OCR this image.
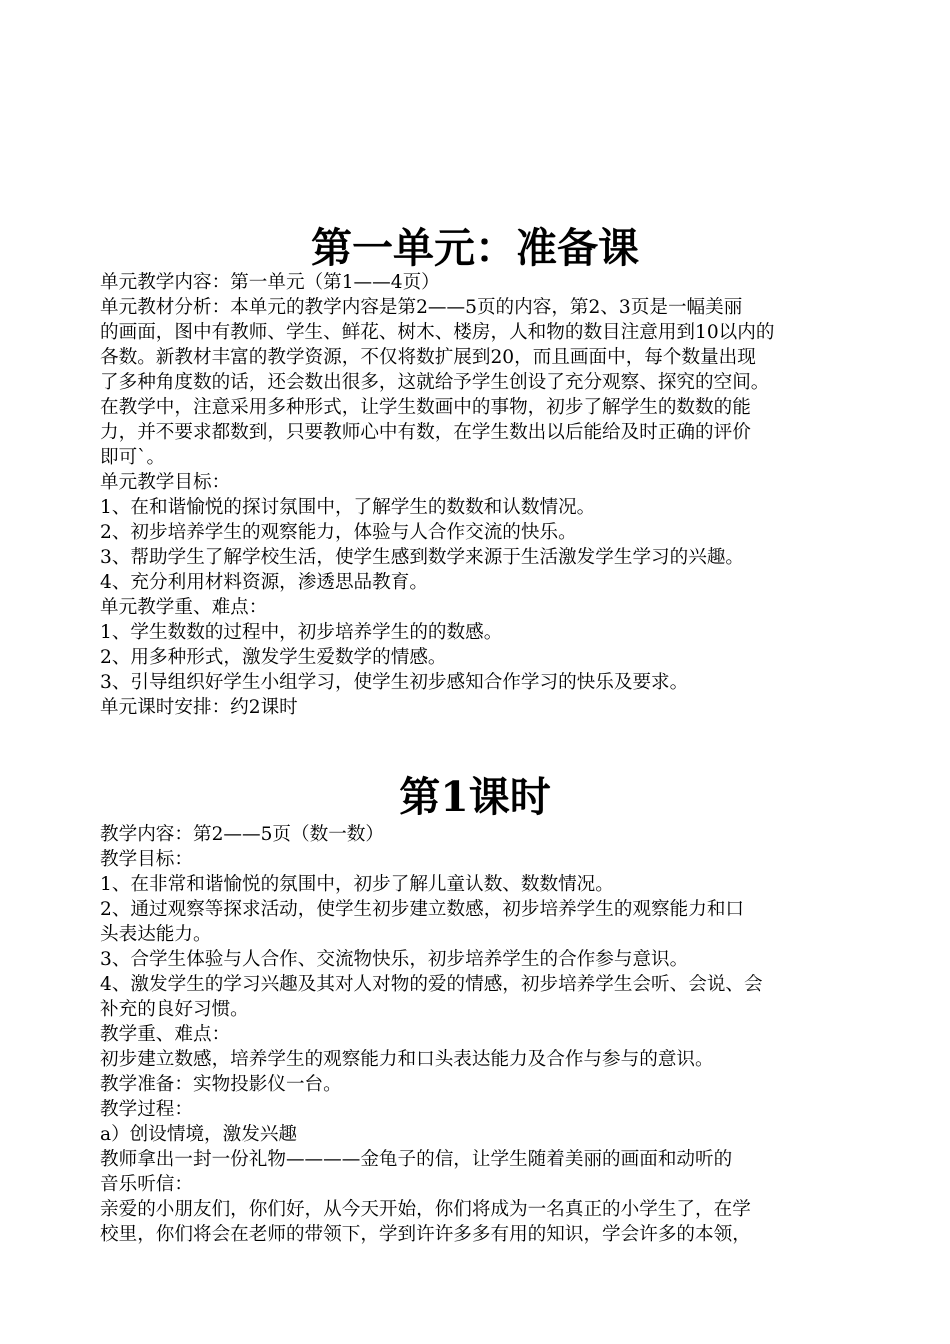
第一单元：准备课
单元教学内容：第一单元（第1——4页）
单元教材分析：本单元的教学内容是第2——5页的内容，第2、3页是一幅美丽
的画面，图中有教师、学生、鲜花、树木、楼房，人和物的数目注意用到10以内的
各数。新教材丰富的教学资源，不仅将数扩展到20，而且画面中，每个数量出现
了多种角度数的话，还会数出很多，这就给予学生创设了充分观察、探究的空间。
在教学中，注意采用多种形式，让学生数画中的事物，初步了解学生的数数的能
力，并不要求都数到，只要教师心中有数，在学生数出以后能给及时正确的评价
即可`。
单元教学目标：
1、在和谐愉悦的探讨氛围中，了解学生的数数和认数情况。
2、初步培养学生的观察能力，体验与人合作交流的快乐。
3、帮助学生了解学校生活，使学生感到数学来源于生活激发学生学习的兴趣。
4、充分利用材料资源，渗透思品教育。
单元教学重、难点：
1、学生数数的过程中，初步培养学生的的数感。
2、用多种形式，激发学生爱数学的情感。
3、引导组织好学生小组学习，使学生初步感知合作学习的快乐及要求。
单元课时安排：约2课时
第1课时
教学内容：第2——5页（数一数）
教学目标：
1、在非常和谐愉悦的氛围中，初步了解儿童认数、数数情况。
2、通过观察等探求活动，使学生初步建立数感，初步培养学生的观察能力和口
头表达能力。
3、合学生体验与人合作、交流物快乐，初步培养学生的合作参与意识。
4、激发学生的学习兴趣及其对人对物的爱的情感，初步培养学生会听、会说、会
补充的良好习惯。
教学重、难点：
初步建立数感，培养学生的观察能力和口头表达能力及合作与参与的意识。
教学准备：实物投影仪一台。
教学过程：
a）创设情境，激发兴趣
教师拿出一封一份礼物————金龟子的信，让学生随着美丽的画面和动听的
音乐听信：
亲爱的小朋友们，你们好，从今天开始，你们将成为一名真正的小学生了，在学
校里，你们将会在老师的带领下，学到许许多多有用的知识，学会许多的本领，
